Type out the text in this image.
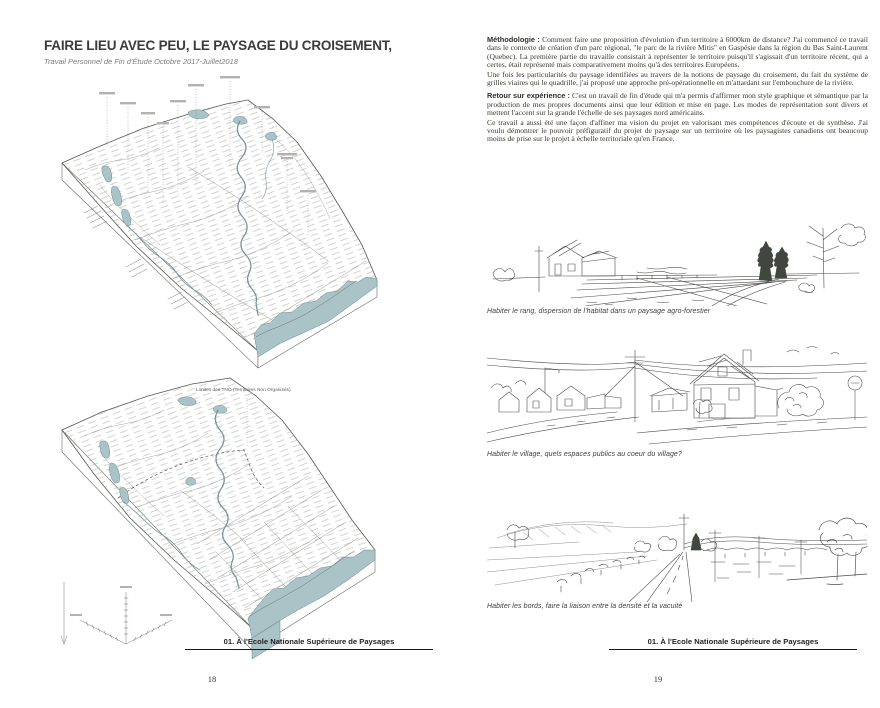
FAIRE LIEU AVEC PEU, LE PAYSAGE DU CROISEMENT,
Travail Personnel de Fin d'Étude Octobre 2017-Juillet2018
Limites des TNO (Territoires Non Organisés)
01. À l'Ecole Nationale Supérieure de Paysages
18

Méthodologie : Comment faire une proposition d'évolution d'un territoire à 6000km de distance? J'ai commencé ce travail dans le contexte de création d'un parc régional, "le parc de la rivière Mitis" en Gaspésie dans la région du Bas Saint-Laurent (Quebec). La première partie du travaille consistait à représenter le territoire puisqu'il s'agissait d'un territoire récent, qui a certes, était représenté mais comparativement moins qu'à des territoires Européens.

Une fois les particularités du paysage identifiées au travers de la notions de paysage du croisement, du fait du système de grilles viaires qui le quadrille, j'ai proposé une approche pré-opérationnelle en m'attardant sur l'embouchure de la rivière.

Retour sur expérience : C'est un travail de fin d'étude qui m'a permis d'affirmer mon style graphique et sémantique par la production de mes propres documents ainsi que leur édition et mise en page. Les modes de représentation sont divers et mettent l'accent sur la grande l'échelle de ses paysages nord américains.

Ce travail a aussi été une façon d'affiner ma vision du projet en valorisant mes compétences d'écoute et de synthèse. J'ai voulu démontrer le pouvoir préfiguratif du projet de paysage sur un territoire où les paysagistes canadiens ont beaucoup moins de prise sur le projet à échelle territoriale qu'en France.

Habiter le rang, dispersion de l'habitat dans un paysage agro-forestier
Habiter le village, quels espaces publics au coeur du village?
Habiter les bords, faire la liaison entre la densité et la vacuité
01. À l'Ecole Nationale Supérieure de Paysages
19
